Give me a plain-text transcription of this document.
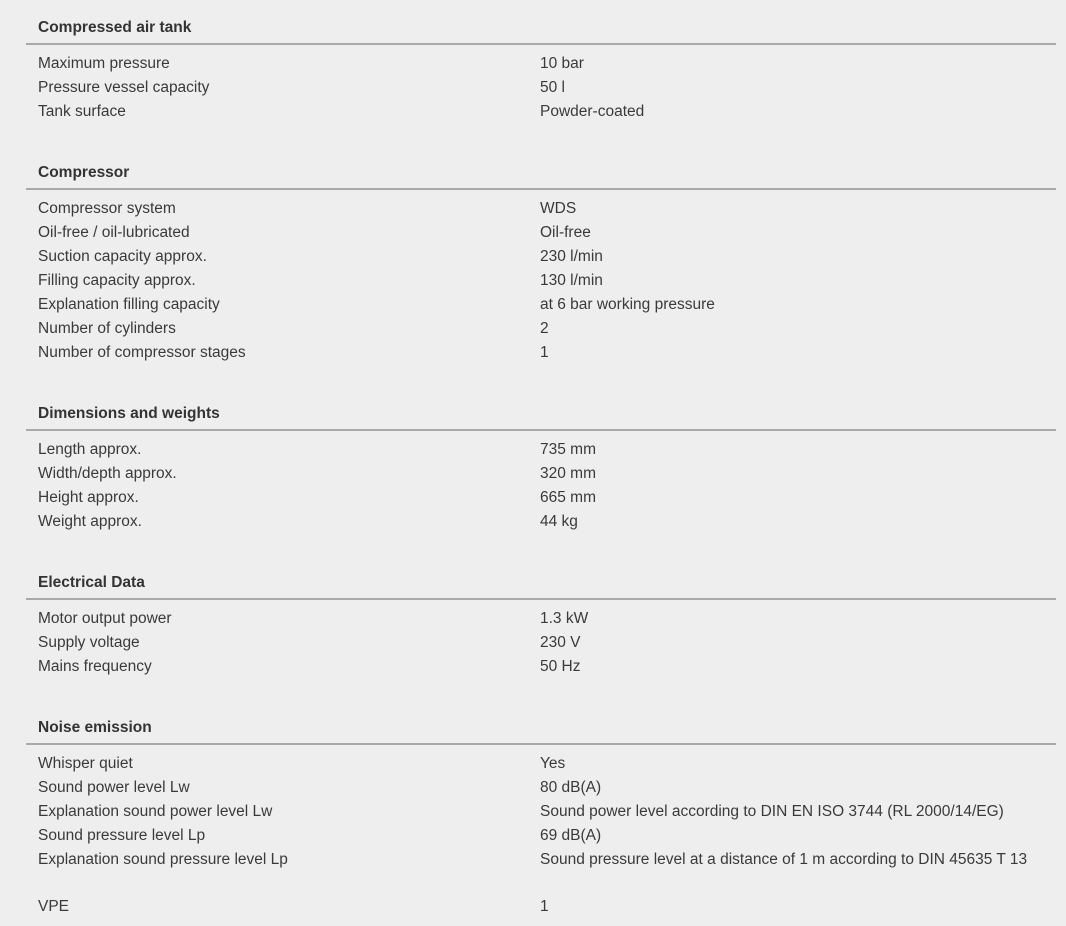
Compressed air tank
Maximum pressure	10 bar
Pressure vessel capacity	50 l
Tank surface	Powder-coated
Compressor
Compressor system	WDS
Oil-free / oil-lubricated	Oil-free
Suction capacity approx.	230 l/min
Filling capacity approx.	130 l/min
Explanation filling capacity	at 6 bar working pressure
Number of cylinders	2
Number of compressor stages	1
Dimensions and weights
Length approx.	735 mm
Width/depth approx.	320 mm
Height approx.	665 mm
Weight approx.	44 kg
Electrical Data
Motor output power	1.3 kW
Supply voltage	230 V
Mains frequency	50 Hz
Noise emission
Whisper quiet	Yes
Sound power level Lw	80 dB(A)
Explanation sound power level Lw	Sound power level according to DIN EN ISO 3744 (RL 2000/14/EG)
Sound pressure level Lp	69 dB(A)
Explanation sound pressure level Lp	Sound pressure level at a distance of 1 m according to DIN 45635 T 13
VPE	1
